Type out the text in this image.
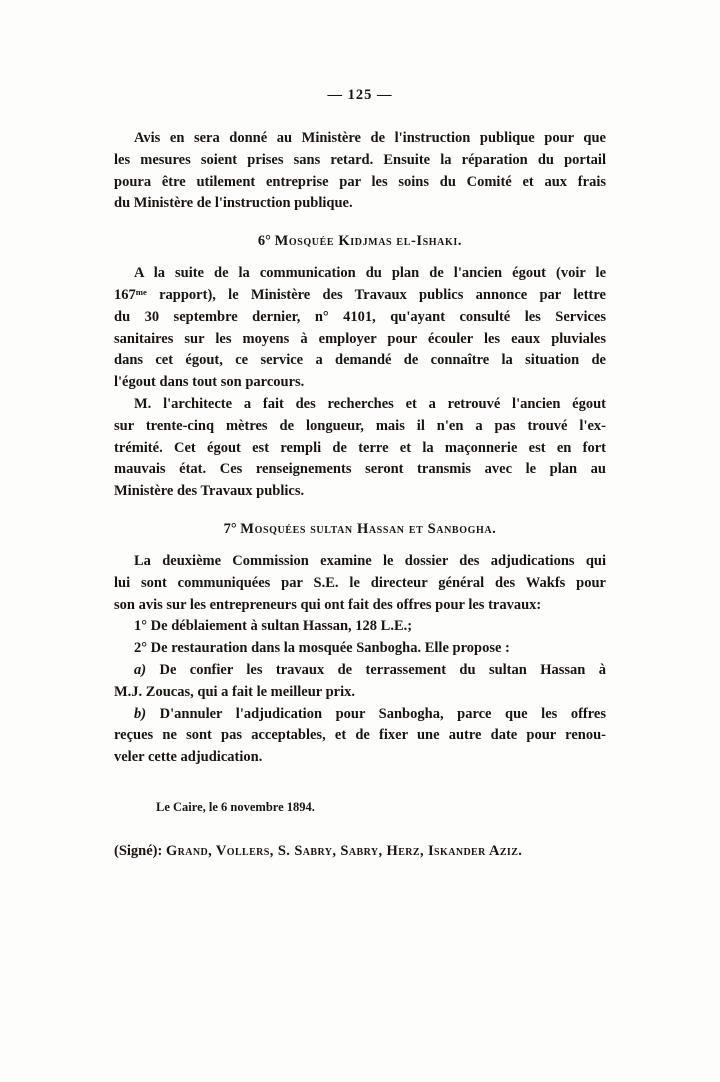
— 125 —
Avis en sera donné au Ministère de l'instruction publique pour que
les mesures soient prises sans retard. Ensuite la réparation du portail
poura être utilement entreprise par les soins du Comité et aux frais
du Ministère de l'instruction publique.
6° Mosquée Kidjmas el-Ishaki.
A la suite de la communication du plan de l'ancien égout (voir le
$167^{me}$ rapport), le Ministère des Travaux publics annonce par lettre
du 30 septembre dernier, n° 4101, qu'ayant consulté les Services
sanitaires sur les moyens à employer pour écouler les eaux pluviales
dans cet égout, ce service a demandé de connaître la situation de
l'égout dans tout son parcours.
M. l'architecte a fait des recherches et a retrouvé l'ancien égout
sur trente-cinq mètres de longueur, mais il n'en a pas trouvé l'ex-
trémité. Cet égout est rempli de terre et la maçonnerie est en fort
mauvais état. Ces renseignements seront transmis avec le plan au
Ministère des Travaux publics.
7° Mosquées sultan Hassan et Sanbogha.
La deuxième Commission examine le dossier des adjudications qui
lui sont communiquées par S.E. le directeur général des Wakfs pour
son avis sur les entrepreneurs qui ont fait des offres pour les travaux:
1° De déblaiement à sultan Hassan, 128 L.E.;
2° De restauration dans la mosquée Sanbogha. Elle propose :
a) De confier les travaux de terrassement du sultan Hassan à
M.J. Zoucas, qui a fait le meilleur prix.
b) D'annuler l'adjudication pour Sanbogha, parce que les offres
reçues ne sont pas acceptables, et de fixer une autre date pour renou-
veler cette adjudication.
Le Caire, le 6 novembre 1894.
(Signé): Grand, Vollers, S. Sabry, Sabry, Herz, Iskander Aziz.
